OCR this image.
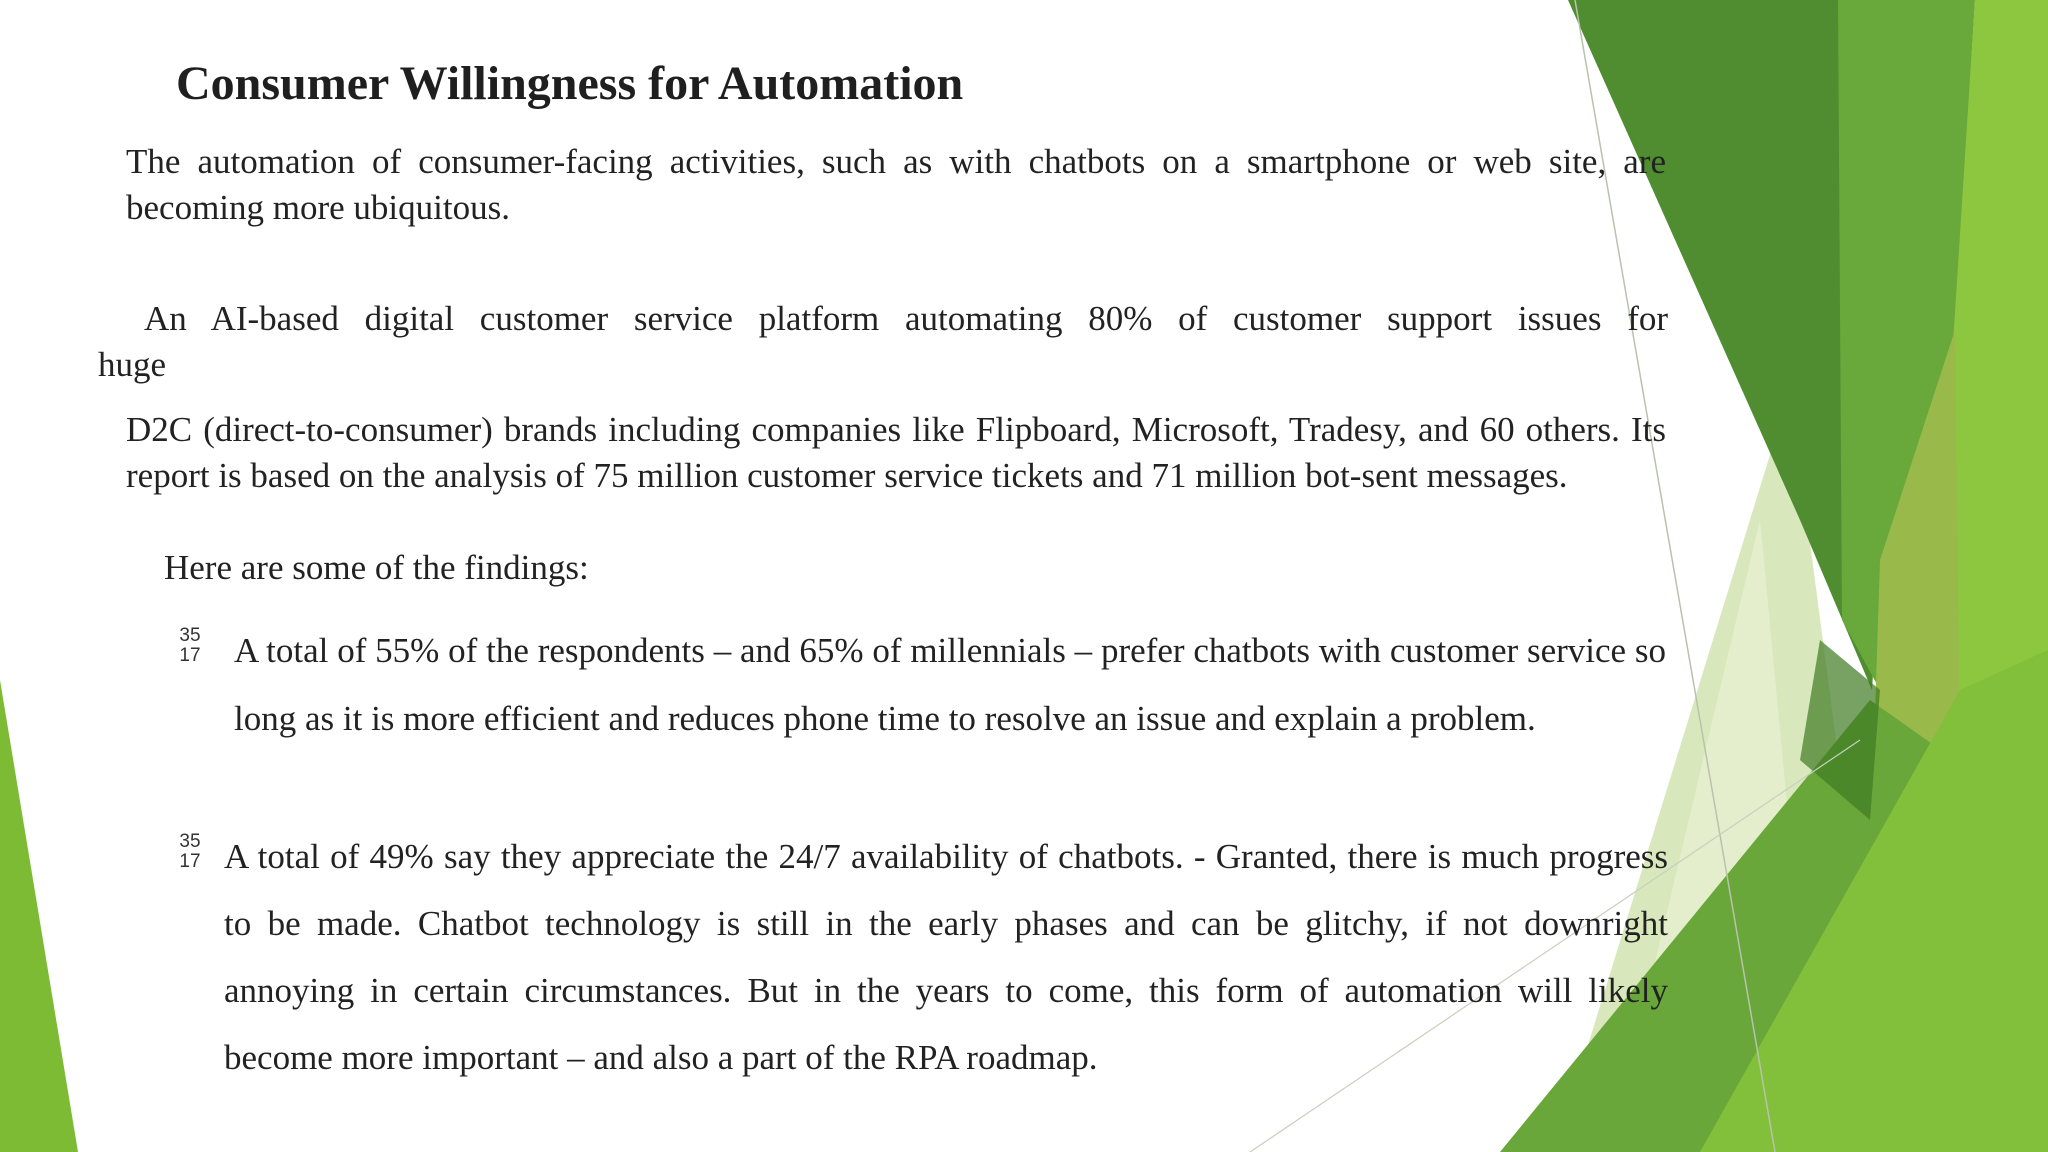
Consumer Willingness for Automation

The automation of consumer-facing activities, such as with chatbots on a smartphone or web site, are becoming more ubiquitous.

An AI-based digital customer service platform automating 80% of customer support issues for

huge

D2C (direct-to-consumer) brands including companies like Flipboard, Microsoft, Tradesy, and 60 others. Its report is based on the analysis of 75 million customer service tickets and 71 million bot-sent messages.

Here are some of the findings:

35
17 A total of 55% of the respondents – and 65% of millennials – prefer chatbots with customer service so long as it is more efficient and reduces phone time to resolve an issue and explain a problem.

35
17 A total of 49% say they appreciate the 24/7 availability of chatbots. - Granted, there is much progress to be made. Chatbot technology is still in the early phases and can be glitchy, if not downright annoying in certain circumstances. But in the years to come, this form of automation will likely become more important – and also a part of the RPA roadmap.
